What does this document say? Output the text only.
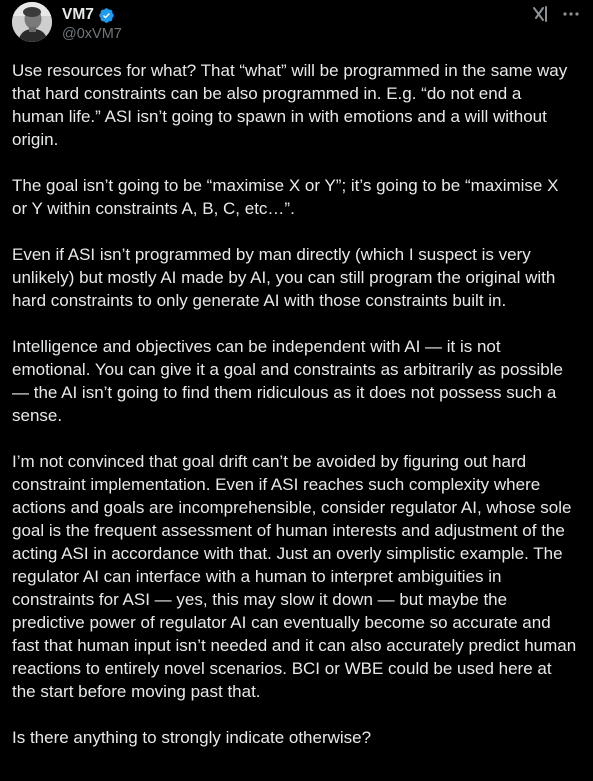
VM7
@0xVM7

Use resources for what? That “what” will be programmed in the same way that hard constraints can be also programmed in. E.g. “do not end a human life.” ASI isn’t going to spawn in with emotions and a will without origin.

The goal isn’t going to be “maximise X or Y”; it’s going to be “maximise X or Y within constraints A, B, C, etc…”.

Even if ASI isn’t programmed by man directly (which I suspect is very unlikely) but mostly AI made by AI, you can still program the original with hard constraints to only generate AI with those constraints built in.

Intelligence and objectives can be independent with AI — it is not emotional. You can give it a goal and constraints as arbitrarily as possible — the AI isn’t going to find them ridiculous as it does not possess such a sense.

I’m not convinced that goal drift can’t be avoided by figuring out hard constraint implementation. Even if ASI reaches such complexity where actions and goals are incomprehensible, consider regulator AI, whose sole goal is the frequent assessment of human interests and adjustment of the acting ASI in accordance with that. Just an overly simplistic example. The regulator AI can interface with a human to interpret ambiguities in constraints for ASI — yes, this may slow it down — but maybe the predictive power of regulator AI can eventually become so accurate and fast that human input isn’t needed and it can also accurately predict human reactions to entirely novel scenarios. BCI or WBE could be used here at the start before moving past that.

Is there anything to strongly indicate otherwise?
